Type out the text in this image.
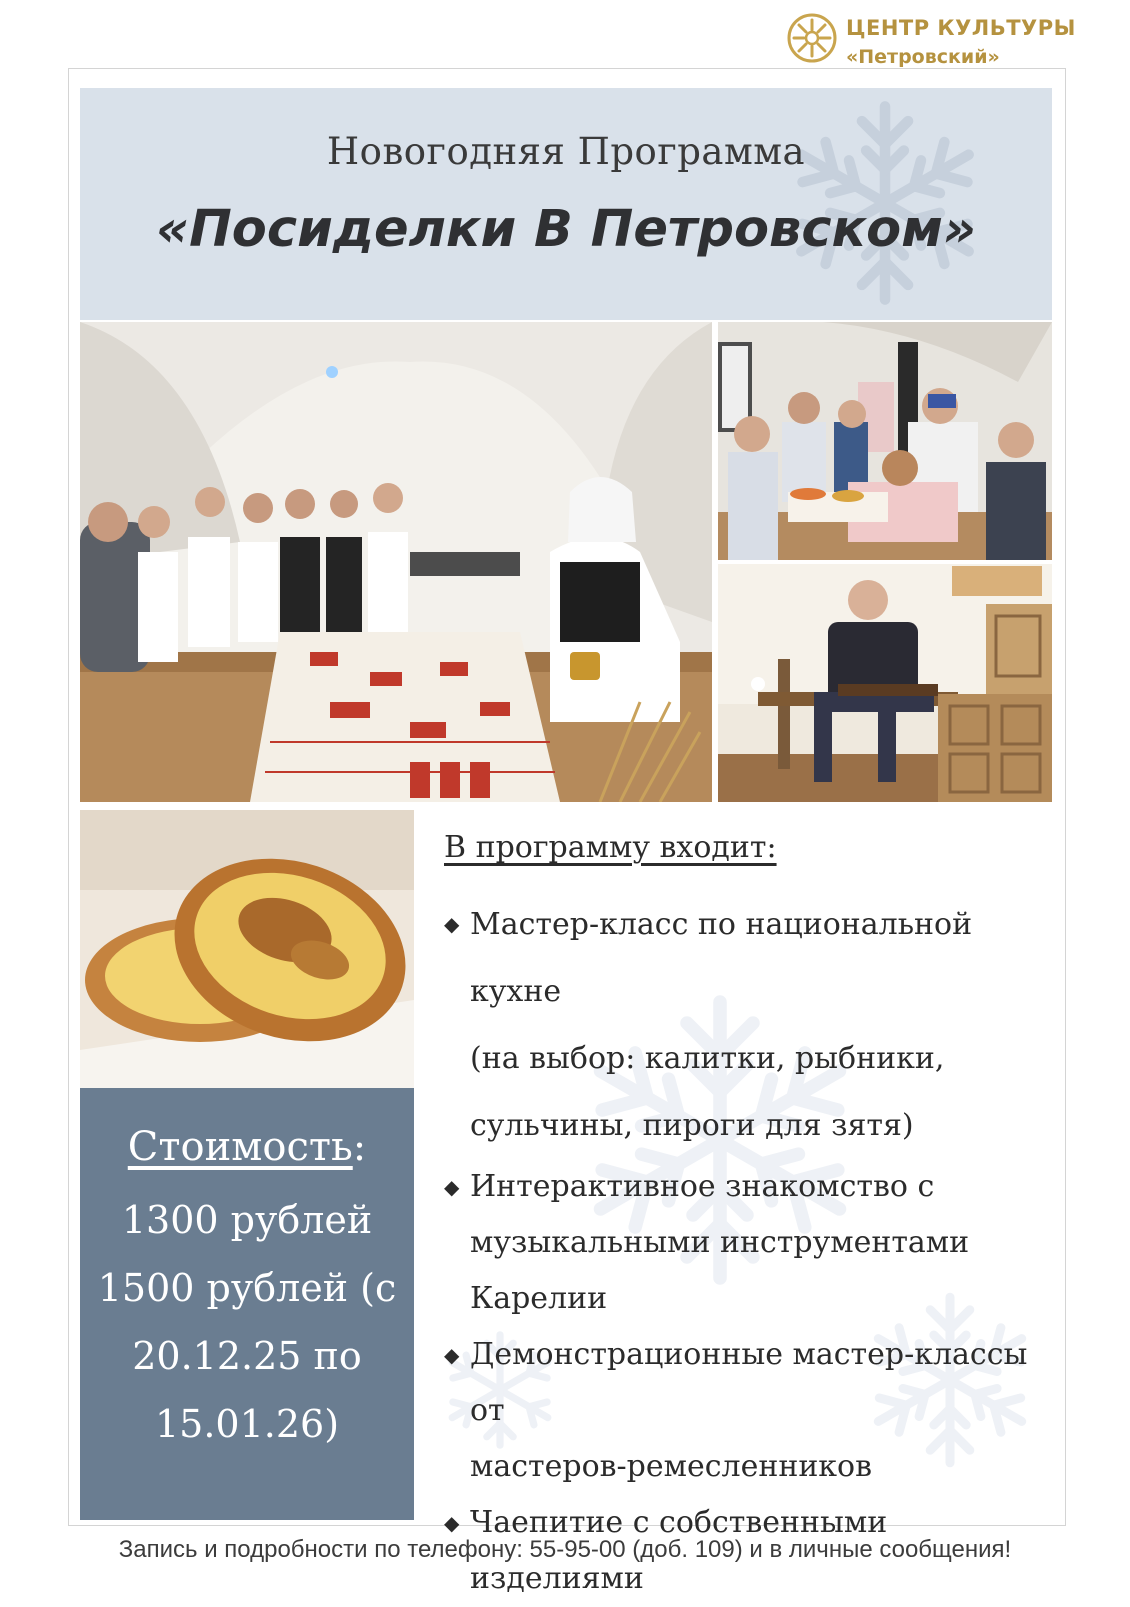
ЦЕНТР КУЛЬТУРЫ
«Петровский»
Новогодняя Программа
«Посиделки В Петровском»
Стоимость:
1300 рублей
1500 рублей (с
20.12.25 по
15.01.26)
В программу входит:
◆ Мастер-класс по национальной кухне
(на выбор: калитки, рыбники,
сульчины, пироги для зятя)
◆ Интерактивное знакомство с
музыкальными инструментами
Карелии
◆ Демонстрационные мастер-классы от
мастеров-ремесленников
◆ Чаепитие с собственными изделиями
Запись и подробности по телефону: 55-95-00 (доб. 109) и в личные сообщения!
